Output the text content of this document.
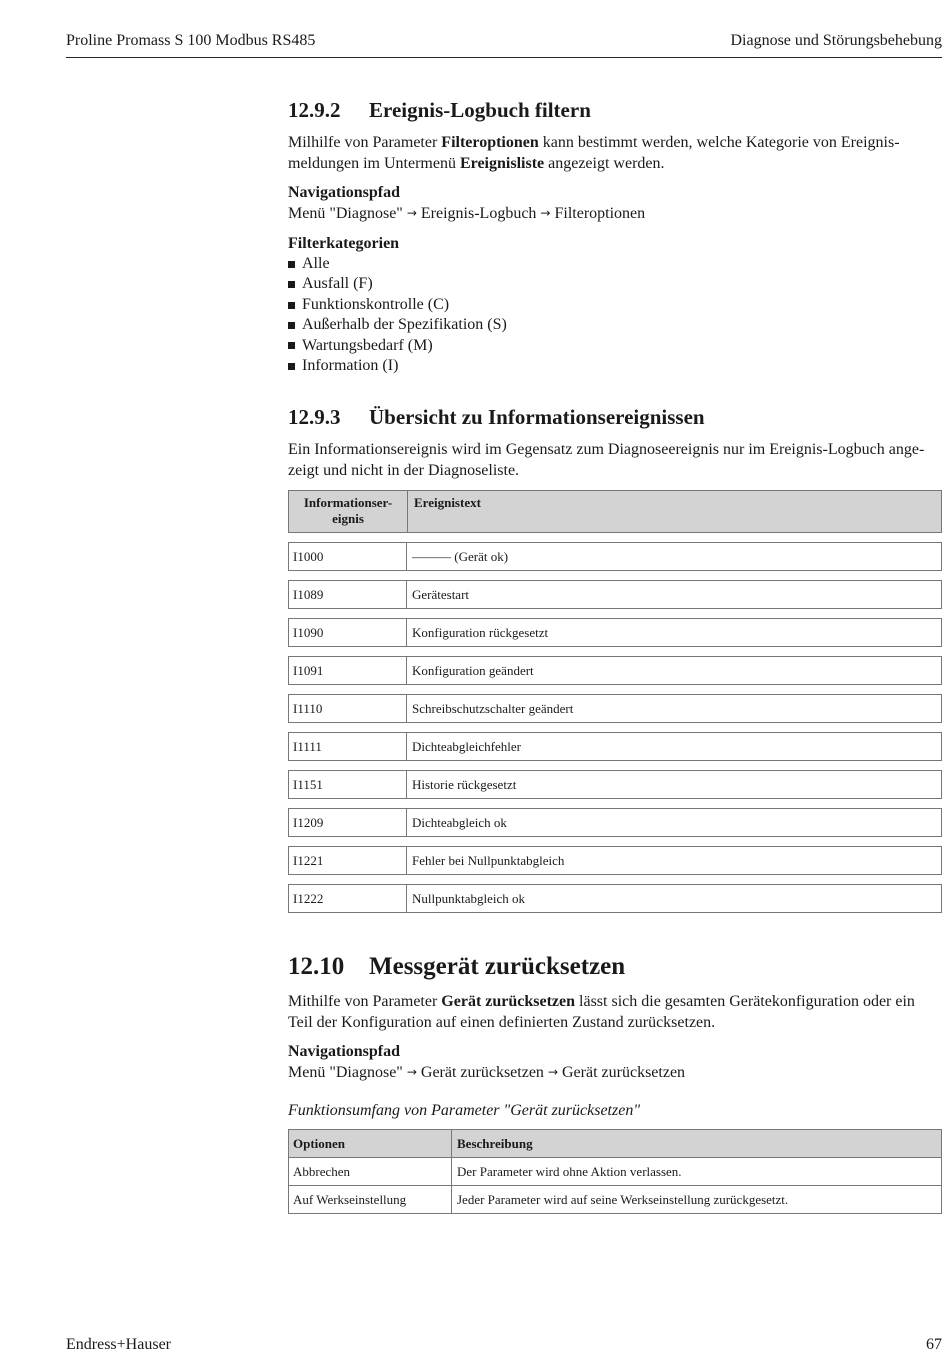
Proline Promass S 100 Modbus RS485	Diagnose und Störungsbehebung
12.9.2 Ereignis-Logbuch filtern

Milhilfe von Parameter Filteroptionen kann bestimmt werden, welche Kategorie von Ereignis-
meldungen im Untermenü Ereignisliste angezeigt werden.

Navigationspfad

Menü "Diagnose" → Ereignis-Logbuch → Filteroptionen

Filterkategorien
Alle
Ausfall (F)
Funktionskontrolle (C)
Außerhalb der Spezifikation (S)
Wartungsbedarf (M)
Information (I)
12.9.3 Übersicht zu Informationsereignissen

Ein Informationsereignis wird im Gegensatz zum Diagnoseereignis nur im Ereignis-Logbuch ange-
zeigt und nicht in der Diagnoseliste.

Informationser-
eignis
Ereignistext
I1000	——— (Gerät ok)
I1089	Gerätestart
I1090	Konfiguration rückgesetzt
I1091	Konfiguration geändert
I1110	Schreibschutzschalter geändert
I1111	Dichteabgleichfehler
I1151	Historie rückgesetzt
I1209	Dichteabgleich ok
I1221	Fehler bei Nullpunktabgleich
I1222	Nullpunktabgleich ok
12.10 Messgerät zurücksetzen

Mithilfe von Parameter Gerät zurücksetzen lässt sich die gesamten Gerätekonfiguration oder ein
Teil der Konfiguration auf einen definierten Zustand zurücksetzen.

Navigationspfad

Menü "Diagnose" → Gerät zurücksetzen → Gerät zurücksetzen

Funktionsumfang von Parameter "Gerät zurücksetzen"
Optionen	Beschreibung
Abbrechen	Der Parameter wird ohne Aktion verlassen.
Auf Werkseinstellung	Jeder Parameter wird auf seine Werkseinstellung zurückgesetzt.
Endress+Hauser	67
